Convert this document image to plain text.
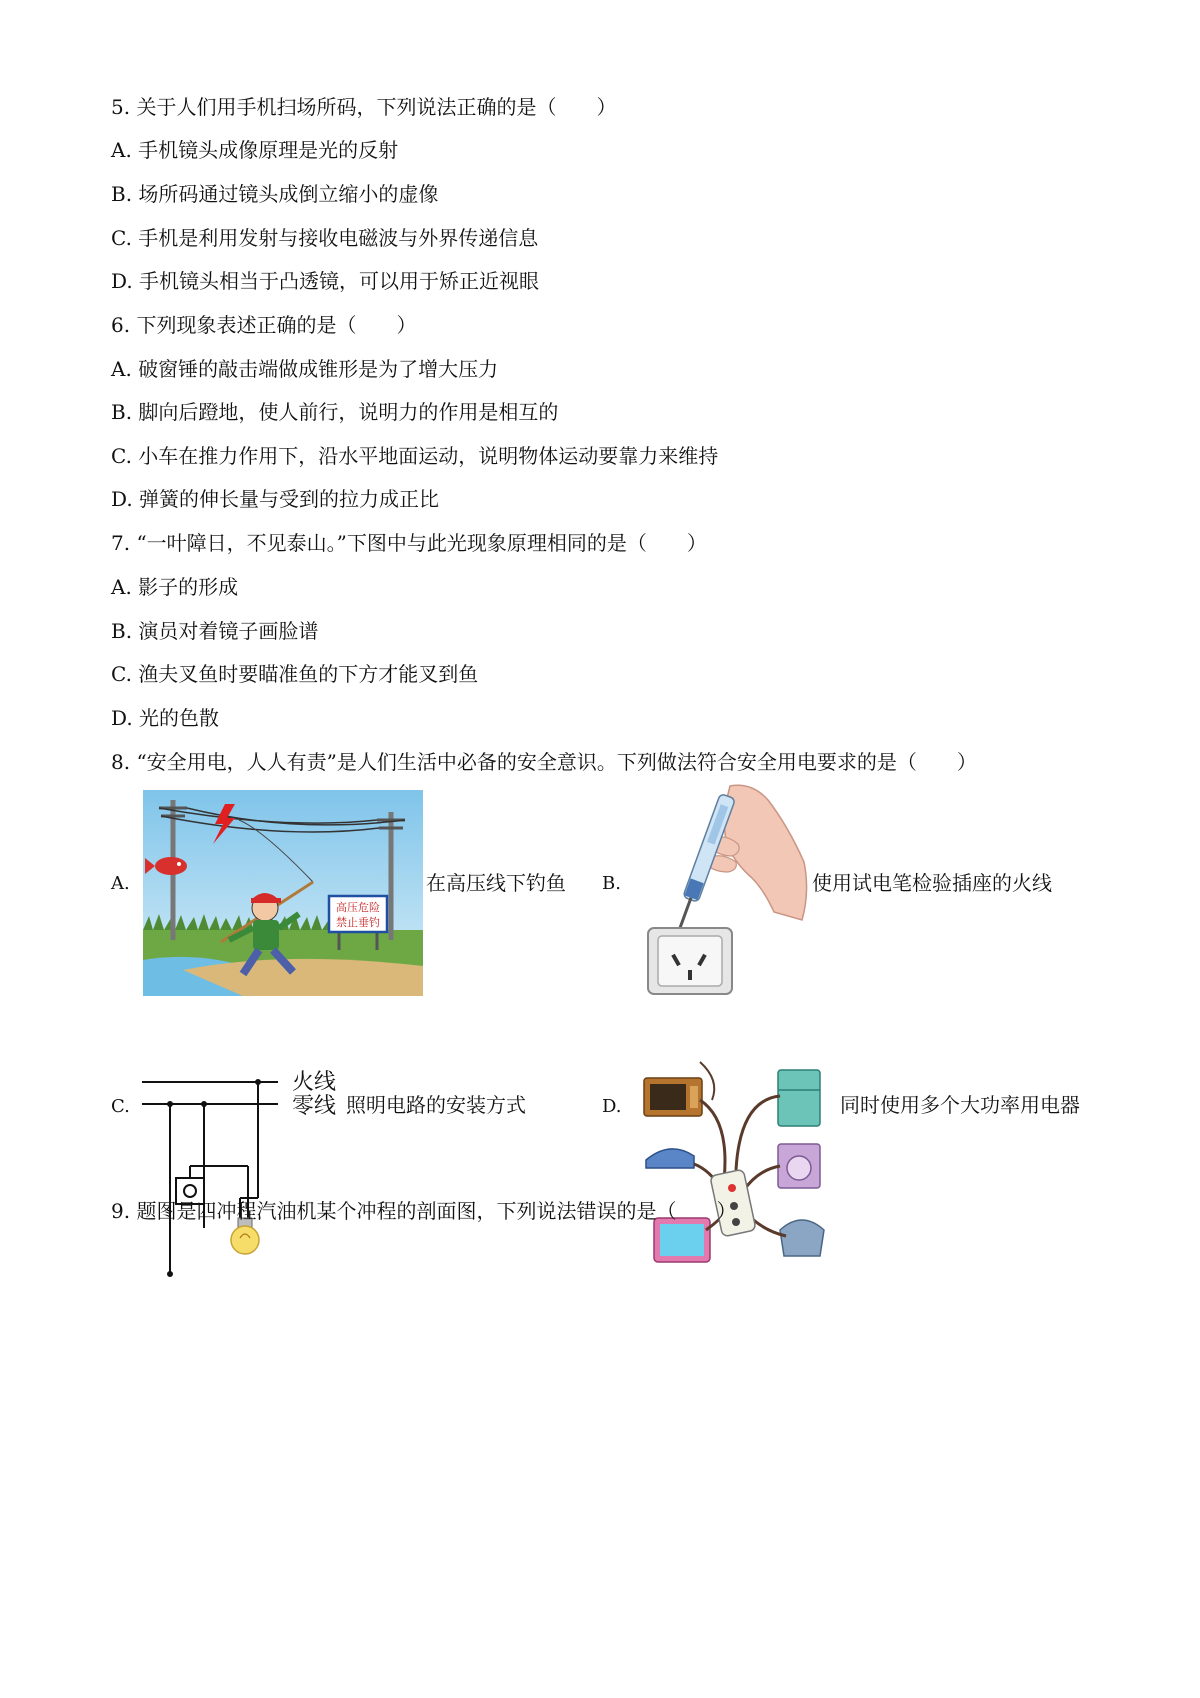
5. 关于人们用手机扫场所码，下列说法正确的是（　　）
A. 手机镜头成像原理是光的反射
B. 场所码通过镜头成倒立缩小的虚像
C. 手机是利用发射与接收电磁波与外界传递信息
D. 手机镜头相当于凸透镜，可以用于矫正近视眼
6. 下列现象表述正确的是（　　）
A. 破窗锤的敲击端做成锥形是为了增大压力
B. 脚向后蹬地，使人前行，说明力的作用是相互的
C. 小车在推力作用下，沿水平地面运动，说明物体运动要靠力来维持
D. 弹簧的伸长量与受到的拉力成正比
7. “一叶障日，不见泰山。”下图中与此光现象原理相同的是（　　）
A. 影子的形成
B. 演员对着镜子画脸谱
C. 渔夫叉鱼时要瞄准鱼的下方才能叉到鱼
D. 光的色散
8. “安全用电，人人有责”是人们生活中必备的安全意识。下列做法符合安全用电要求的是（　　）
A.
高压危险
禁止垂钓
在高压线下钓鱼 B.	使用试电笔检验插座的火线
C.
火线
零线 照明电路的安装方式	D.	同时使用多个大功率用电器
9. 题图是四冲程汽油机某个冲程的剖面图，下列说法错误的是（　　）
